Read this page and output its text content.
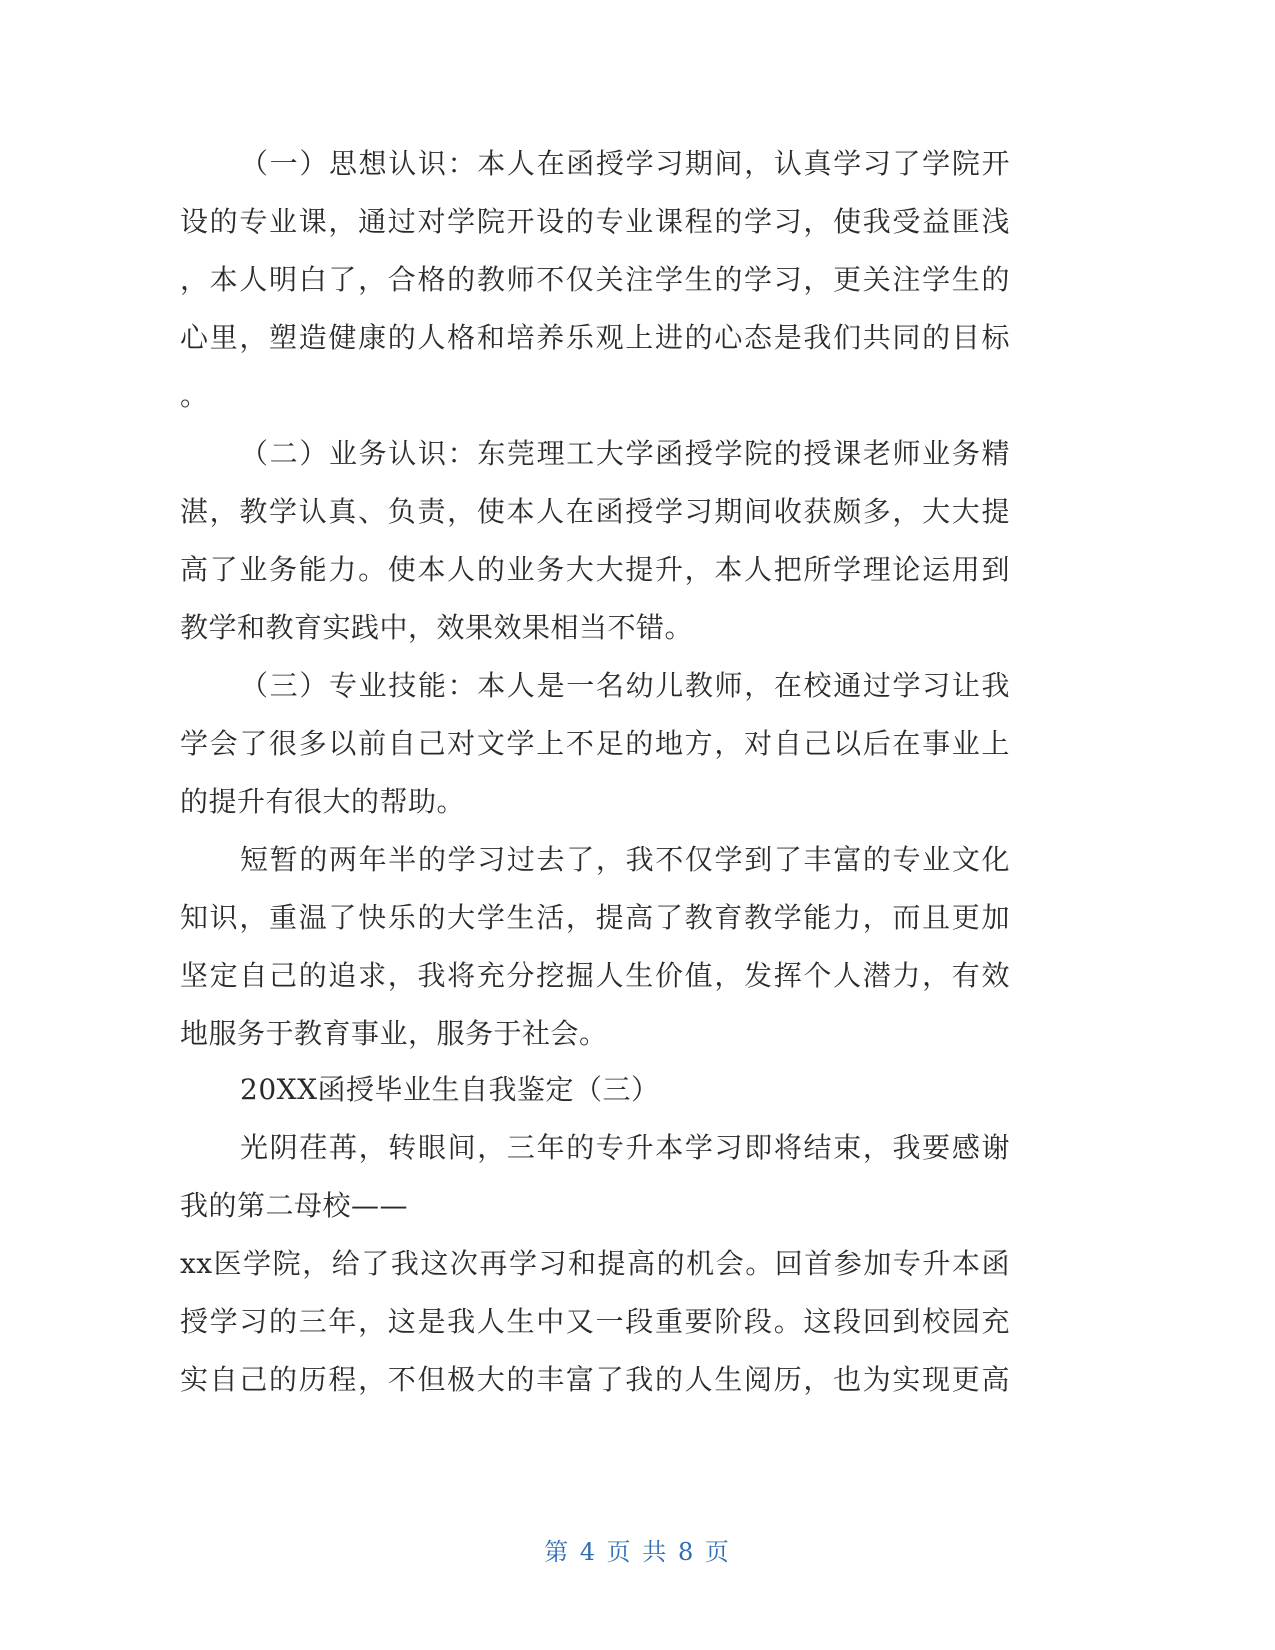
（一）思想认识：本人在函授学习期间，认真学习了学院开
设的专业课，通过对学院开设的专业课程的学习，使我受益匪浅
，本人明白了，合格的教师不仅关注学生的学习，更关注学生的
心里，塑造健康的人格和培养乐观上进的心态是我们共同的目标
。
（二）业务认识：东莞理工大学函授学院的授课老师业务精
湛，教学认真、负责，使本人在函授学习期间收获颇多，大大提
高了业务能力。使本人的业务大大提升，本人把所学理论运用到
教学和教育实践中，效果效果相当不错。
（三）专业技能：本人是一名幼儿教师，在校通过学习让我
学会了很多以前自己对文学上不足的地方，对自己以后在事业上
的提升有很大的帮助。
短暂的两年半的学习过去了，我不仅学到了丰富的专业文化
知识，重温了快乐的大学生活，提高了教育教学能力，而且更加
坚定自己的追求，我将充分挖掘人生价值，发挥个人潜力，有效
地服务于教育事业，服务于社会。
20XX函授毕业生自我鉴定（三）
光阴荏苒，转眼间，三年的专升本学习即将结束，我要感谢
我的第二母校——
xx医学院，给了我这次再学习和提高的机会。回首参加专升本函
授学习的三年，这是我人生中又一段重要阶段。这段回到校园充
实自己的历程，不但极大的丰富了我的人生阅历，也为实现更高
第 4 页 共 8 页
